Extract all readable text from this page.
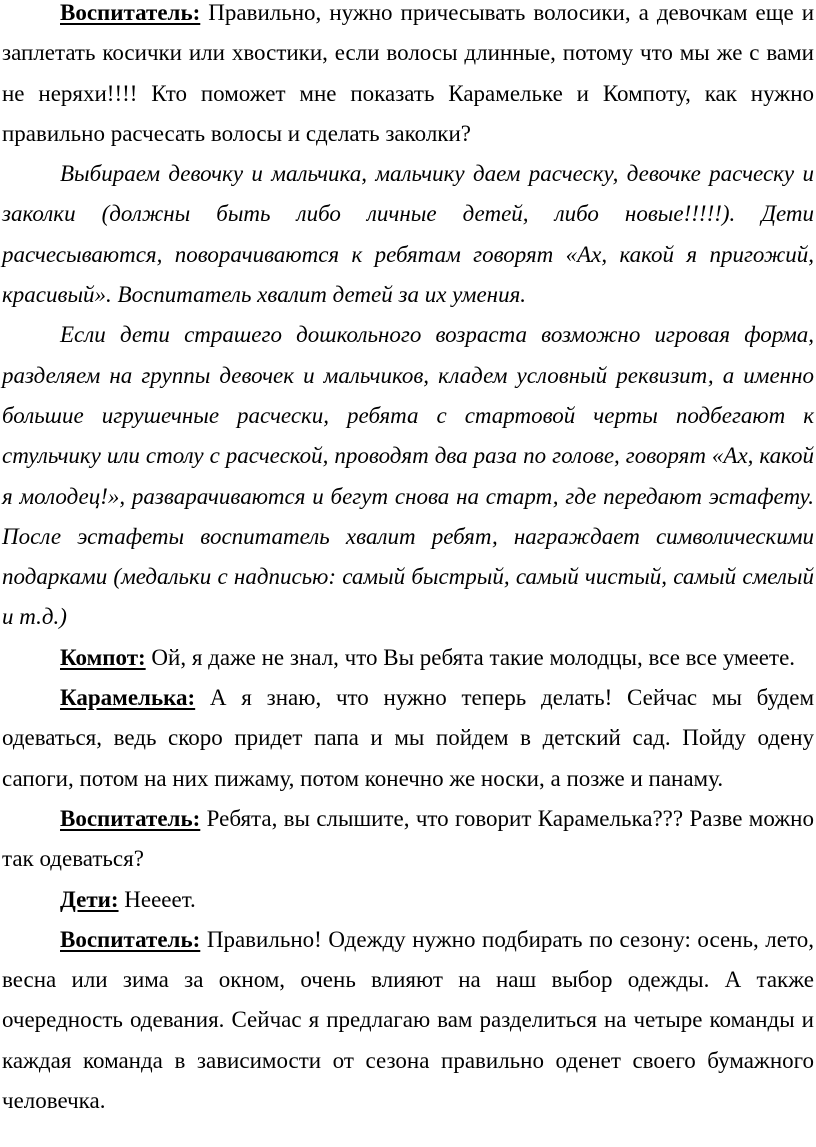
Воспитатель: Правильно, нужно причесывать волосики, а девочкам еще и заплетать косички или хвостики, если волосы длинные, потому что мы же с вами не неряхи!!!! Кто поможет мне показать Карамельке и Компоту, как нужно правильно расчесать волосы и сделать заколки?

Выбираем девочку и мальчика, мальчику даем расческу, девочке расческу и заколки (должны быть либо личные детей, либо новые!!!!!). Дети расчесываются, поворачиваются к ребятам говорят «Ах, какой я пригожий, красивый». Воспитатель хвалит детей за их умения.

Если дети страшего дошкольного возраста возможно игровая форма, разделяем на группы девочек и мальчиков, кладем условный реквизит, а именно большие игрушечные расчески, ребята с стартовой черты подбегают к стульчику или столу с расческой, проводят два раза по голове, говорят «Ах, какой я молодец!», разварачиваются и бегут снова на старт, где передают эстафету. После эстафеты воспитатель хвалит ребят, награждает символическими подарками (медальки с надписью: самый быстрый, самый чистый, самый смелый и т.д.)

Компот: Ой, я даже не знал, что Вы ребята такие молодцы, все все умеете.

Карамелька: А я знаю, что нужно теперь делать! Сейчас мы будем одеваться, ведь скоро придет папа и мы пойдем в детский сад. Пойду одену сапоги, потом на них пижаму, потом конечно же носки, а позже и панаму.

Воспитатель: Ребята, вы слышите, что говорит Карамелька??? Разве можно так одеваться?

Дети: Неееет.

Воспитатель: Правильно! Одежду нужно подбирать по сезону: осень, лето, весна или зима за окном, очень влияют на наш выбор одежды. А также очередность одевания. Сейчас я предлагаю вам разделиться на четыре команды и каждая команда в зависимости от сезона правильно оденет своего бумажного человечка.
